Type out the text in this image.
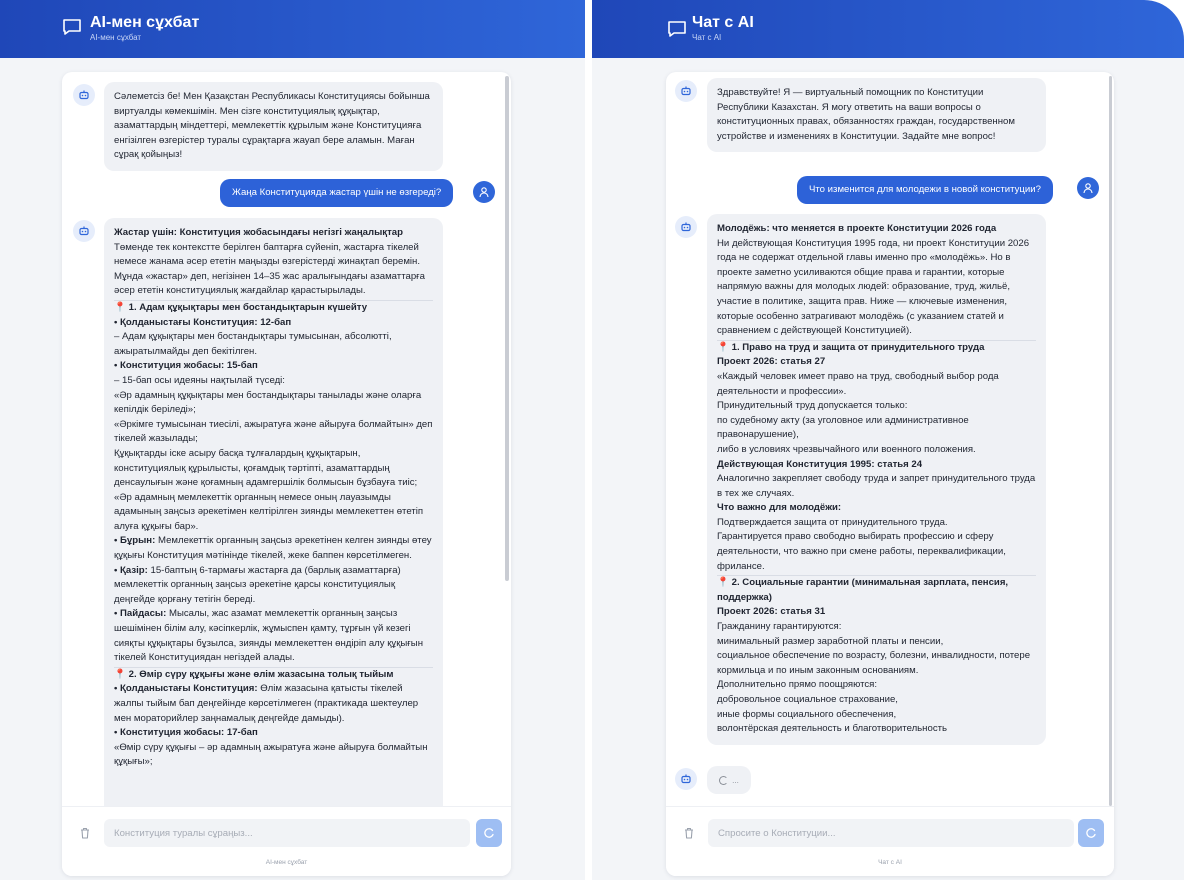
AI-мен сұхбат
AI-мен сұхбат
Сәлеметсіз бе! Мен Қазақстан Республикасы Конституциясы бойынша виртуалды көмекшімін. Мен сізге конституциялық құқықтар, азаматтардың міндеттері, мемлекеттік құрылым және Конституцияға енгізілген өзгерістер туралы сұрақтарға жауап бере аламын. Маған сұрақ қойыңыз!
Жаңа Конституцияда жастар үшін не өзгереді?
Жастар үшін: Конституция жобасындағы негізгі жаңалықтар
Төменде тек контекстте берілген баптарға сүйеніп, жастарға тікелей немесе жанама әсер ететін маңызды өзгерістерді жинақтап беремін. Мұнда «жастар» деп, негізінен 14–35 жас аралығындағы азаматтарға әсер ететін конституциялық жағдайлар қарастырылады.
📍 1. Адам құқықтары мен бостандықтарын күшейту
• Қолданыстағы Конституция: 12-бап
– Адам құқықтары мен бостандықтары тумысынан, абсолютті, ажыратылмайды деп бекітілген.
• Конституция жобасы: 15-бап
– 15-бап осы идеяны нақтылай түседі:
«Әр адамның құқықтары мен бостандықтары танылады және оларға кепілдік беріледі»;
«Әркімге тумысынан тиесілі, ажыратуға және айыруға болмайтын» деп тікелей жазылады;
Құқықтарды іске асыру басқа тұлғалардың құқықтарын, конституциялық құрылысты, қоғамдық тәртіпті, азаматтардың денсаулығын және қоғамның адамгершілік болмысын бұзбауға тиіс;
«Әр адамның мемлекеттік органның немесе оның лауазымды адамының заңсыз әрекетімен келтірілген зиянды мемлекеттен өтетіп алуға құқығы бар».
• Бұрын: Мемлекеттік органның заңсыз әрекетінен келген зиянды өтеу құқығы Конституция мәтінінде тікелей, жеке баппен көрсетілмеген.
• Қазір: 15-баптың 6-тармағы жастарға да (барлық азаматтарға) мемлекеттік органның заңсыз әрекетіне қарсы конституциялық деңгейде қорғану тетігін береді.
• Пайдасы: Мысалы, жас азамат мемлекеттік органның заңсыз шешімінен білім алу, кәсіпкерлік, жұмыспен қамту, тұрғын үй кезегі сияқты құқықтары бұзылса, зиянды мемлекеттен өндіріп алу құқығын тікелей Конституциядан негіздей алады.
📍 2. Өмір сүру құқығы және өлім жазасына толық тыйым
• Қолданыстағы Конституция: Өлім жазасына қатысты тікелей жалпы тыйым бап деңгейінде көрсетілмеген (практикада шектеулер мен мораторийлер заңнамалық деңгейде дамыды).
• Конституция жобасы: 17-бап
«Өмір сүру құқығы – әр адамның ажыратуға және айыруға болмайтын құқығы»;
Конституция туралы сұраңыз...
AI-мен сұхбат
Чат с AI
Чат с AI
Здравствуйте! Я — виртуальный помощник по Конституции Республики Казахстан. Я могу ответить на ваши вопросы о конституционных правах, обязанностях граждан, государственном устройстве и изменениях в Конституции. Задайте мне вопрос!
Что изменится для молодежи в новой конституции?
Молодёжь: что меняется в проекте Конституции 2026 года
Ни действующая Конституция 1995 года, ни проект Конституции 2026 года не содержат отдельной главы именно про «молодёжь». Но в проекте заметно усиливаются общие права и гарантии, которые напрямую важны для молодых людей: образование, труд, жильё, участие в политике, защита прав. Ниже — ключевые изменения, которые особенно затрагивают молодёжь (с указанием статей и сравнением с действующей Конституцией).
📍 1. Право на труд и защита от принудительного труда
Проект 2026: статья 27
«Каждый человек имеет право на труд, свободный выбор рода деятельности и профессии».
Принудительный труд допускается только:
по судебному акту (за уголовное или административное правонарушение),
либо в условиях чрезвычайного или военного положения.
Действующая Конституция 1995: статья 24
Аналогично закрепляет свободу труда и запрет принудительного труда в тех же случаях.
Что важно для молодёжи:
Подтверждается защита от принудительного труда.
Гарантируется право свободно выбирать профессию и сферу деятельности, что важно при смене работы, переквалификации, фрилансе.
📍 2. Социальные гарантии (минимальная зарплата, пенсия, поддержка)
Проект 2026: статья 31
Гражданину гарантируются:
минимальный размер заработной платы и пенсии,
социальное обеспечение по возрасту, болезни, инвалидности, потере кормильца и по иным законным основаниям.
Дополнительно прямо поощряются:
добровольное социальное страхование,
иные формы социального обеспечения,
волонтёрская деятельность и благотворительность
...
Спросите о Конституции...
Чат с AI
